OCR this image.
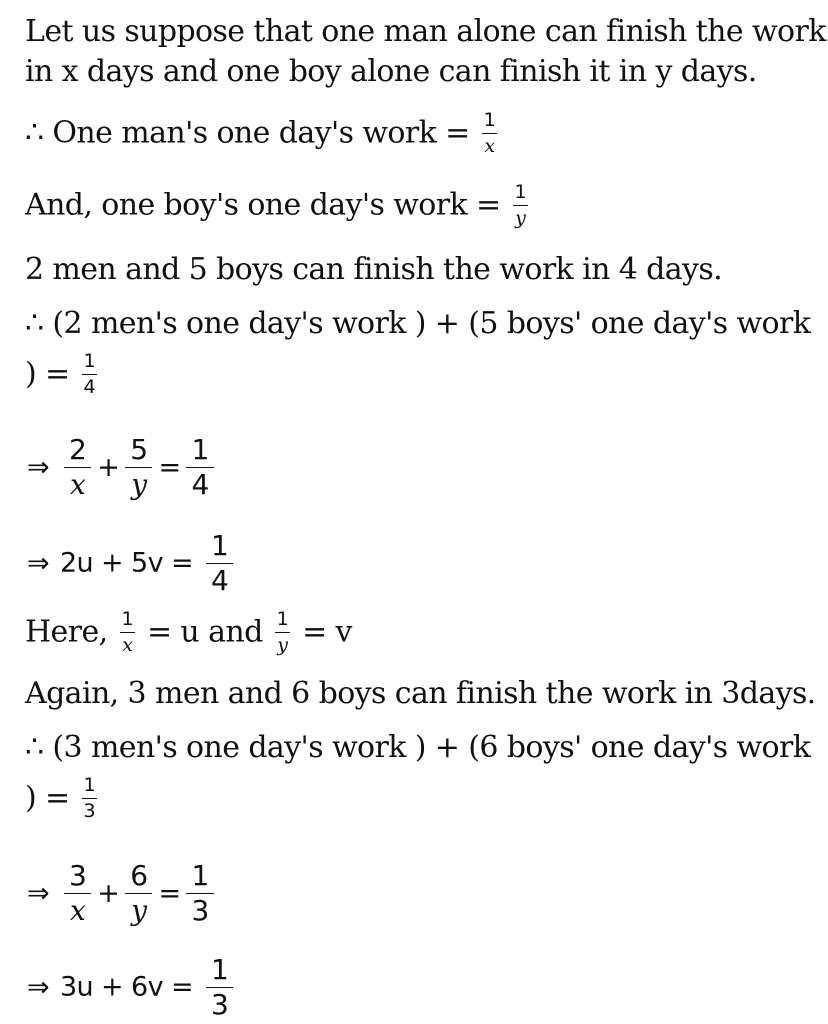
Let us suppose that one man alone can finish the work
in x days and one boy alone can finish it in y days.
∴ One man's one day's work = $\frac{1}{x}$
And, one boy's one day's work = $\frac{1}{y}$
2 men and 5 boys can finish the work in 4 days.
∴ (2 men's one day's work ) + (5 boys' one day's work
) = $\frac{1}{4}$
⇒ $\frac{2}{x} + \frac{5}{y} = \frac{1}{4}$
⇒ $2u + 5v = \frac{1}{4}$
Here, $\frac{1}{x} = u$ and $\frac{1}{y} = v$
Again, 3 men and 6 boys can finish the work in 3days.
∴ (3 men's one day's work ) + (6 boys' one day's work
) = $\frac{1}{3}$
⇒ $\frac{3}{x} + \frac{6}{y} = \frac{1}{3}$
⇒ $3u + 6v = \frac{1}{3}$
